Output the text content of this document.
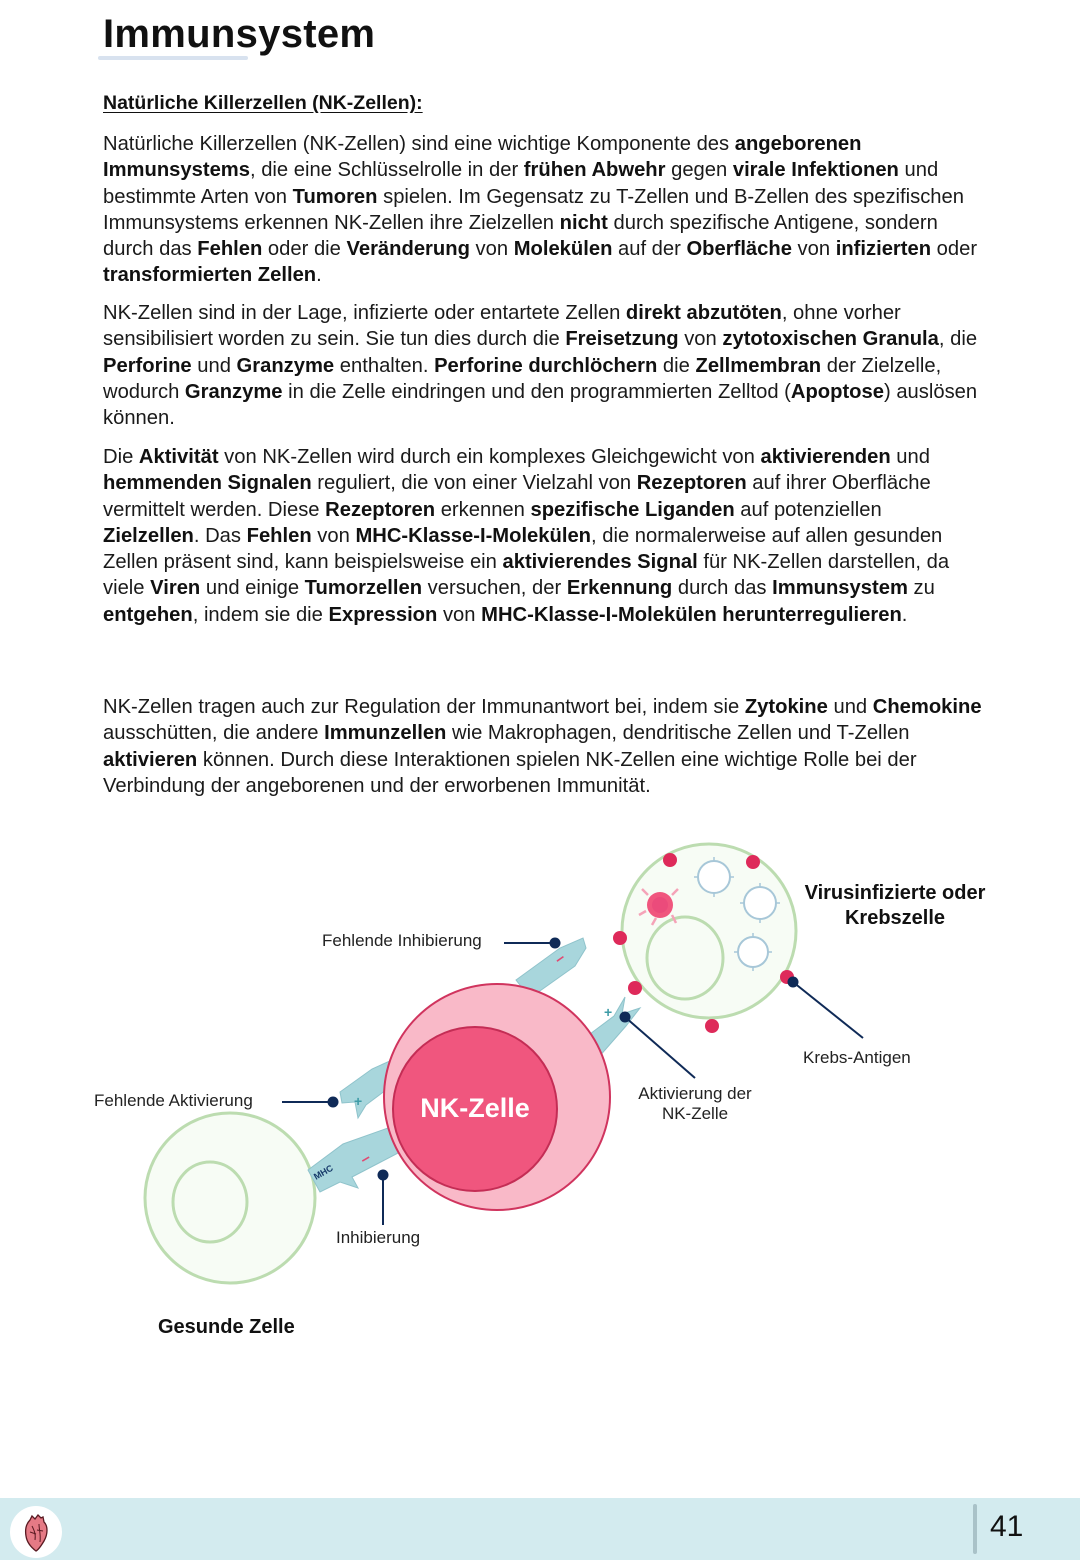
Immunsystem
Natürliche Killerzellen (NK-Zellen):

Natürliche Killerzellen (NK-Zellen) sind eine wichtige Komponente des angeborenen Immunsystems, die eine Schlüsselrolle in der frühen Abwehr gegen virale Infektionen und bestimmte Arten von Tumoren spielen. Im Gegensatz zu T-Zellen und B-Zellen des spezifischen Immunsystems erkennen NK-Zellen ihre Zielzellen nicht durch spezifische Antigene, sondern durch das Fehlen oder die Veränderung von Molekülen auf der Oberfläche von infizierten oder transformierten Zellen.

NK-Zellen sind in der Lage, infizierte oder entartete Zellen direkt abzutöten, ohne vorher sensibilisiert worden zu sein. Sie tun dies durch die Freisetzung von zytotoxischen Granula, die Perforine und Granzyme enthalten. Perforine durchlöchern die Zellmembran der Zielzelle, wodurch Granzyme in die Zelle eindringen und den programmierten Zelltod (Apoptose) auslösen können.

Die Aktivität von NK-Zellen wird durch ein komplexes Gleichgewicht von aktivierenden und hemmenden Signalen reguliert, die von einer Vielzahl von Rezeptoren auf ihrer Oberfläche vermittelt werden. Diese Rezeptoren erkennen spezifische Liganden auf potenziellen Zielzellen. Das Fehlen von MHC-Klasse-I-Molekülen, die normalerweise auf allen gesunden Zellen präsent sind, kann beispielsweise ein aktivierendes Signal für NK-Zellen darstellen, da viele Viren und einige Tumorzellen versuchen, der Erkennung durch das Immunsystem zu entgehen, indem sie die Expression von MHC-Klasse-I-Molekülen herunterregulieren.

NK-Zellen tragen auch zur Regulation der Immunantwort bei, indem sie Zytokine und Chemokine ausschütten, die andere Immunzellen wie Makrophagen, dendritische Zellen und T-Zellen aktivieren können. Durch diese Interaktionen spielen NK-Zellen eine wichtige Rolle bei der Verbindung der angeborenen und der erworbenen Immunität.

–
+
+
–
MHC
NK-Zelle
Fehlende Inhibierung
Fehlende Aktivierung
Inhibierung
Aktivierung der
NK-Zelle
Krebs-Antigen
Virusinfizierte oder
Krebszelle
Gesunde Zelle
41
